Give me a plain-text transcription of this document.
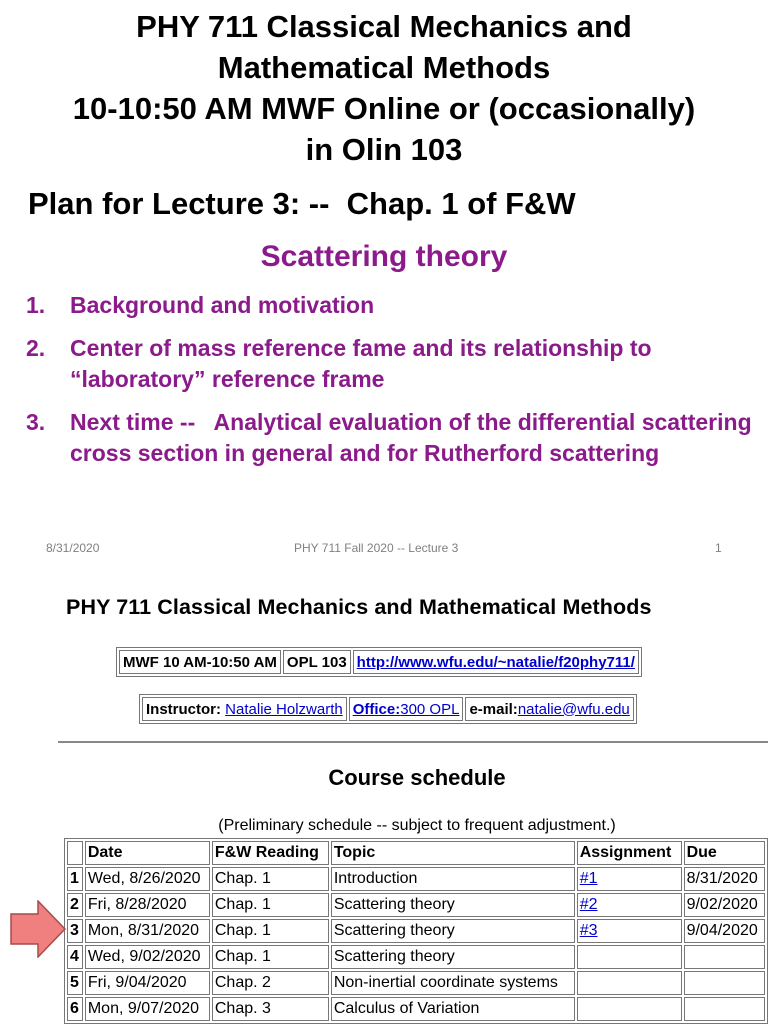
PHY 711 Classical Mechanics and
Mathematical Methods
10-10:50 AM MWF Online or (occasionally)
in Olin 103
Plan for Lecture 3: --  Chap. 1 of F&W
Scattering theory
1.	Background and motivation
2.	Center of mass reference fame and its relationship to “laboratory” reference frame
3.	Next time --   Analytical evaluation of the differential scattering cross section in general and for Rutherford scattering
8/31/2020	PHY 711 Fall 2020 -- Lecture 3	1
PHY 711 Classical Mechanics and Mathematical Methods
MWF 10 AM-10:50 AM	OPL 103	http://www.wfu.edu/~natalie/f20phy711/
Instructor: Natalie Holzwarth	Office:300 OPL	e-mail:natalie@wfu.edu
Course schedule
(Preliminary schedule -- subject to frequent adjustment.)
	Date	F&W Reading	Topic	Assignment	Due
1	Wed, 8/26/2020	Chap. 1	Introduction	#1	8/31/2020
2	Fri, 8/28/2020	Chap. 1	Scattering theory	#2	9/02/2020
3	Mon, 8/31/2020	Chap. 1	Scattering theory	#3	9/04/2020
4	Wed, 9/02/2020	Chap. 1	Scattering theory		
5	Fri, 9/04/2020	Chap. 2	Non-inertial coordinate systems		
6	Mon, 9/07/2020	Chap. 3	Calculus of Variation		
